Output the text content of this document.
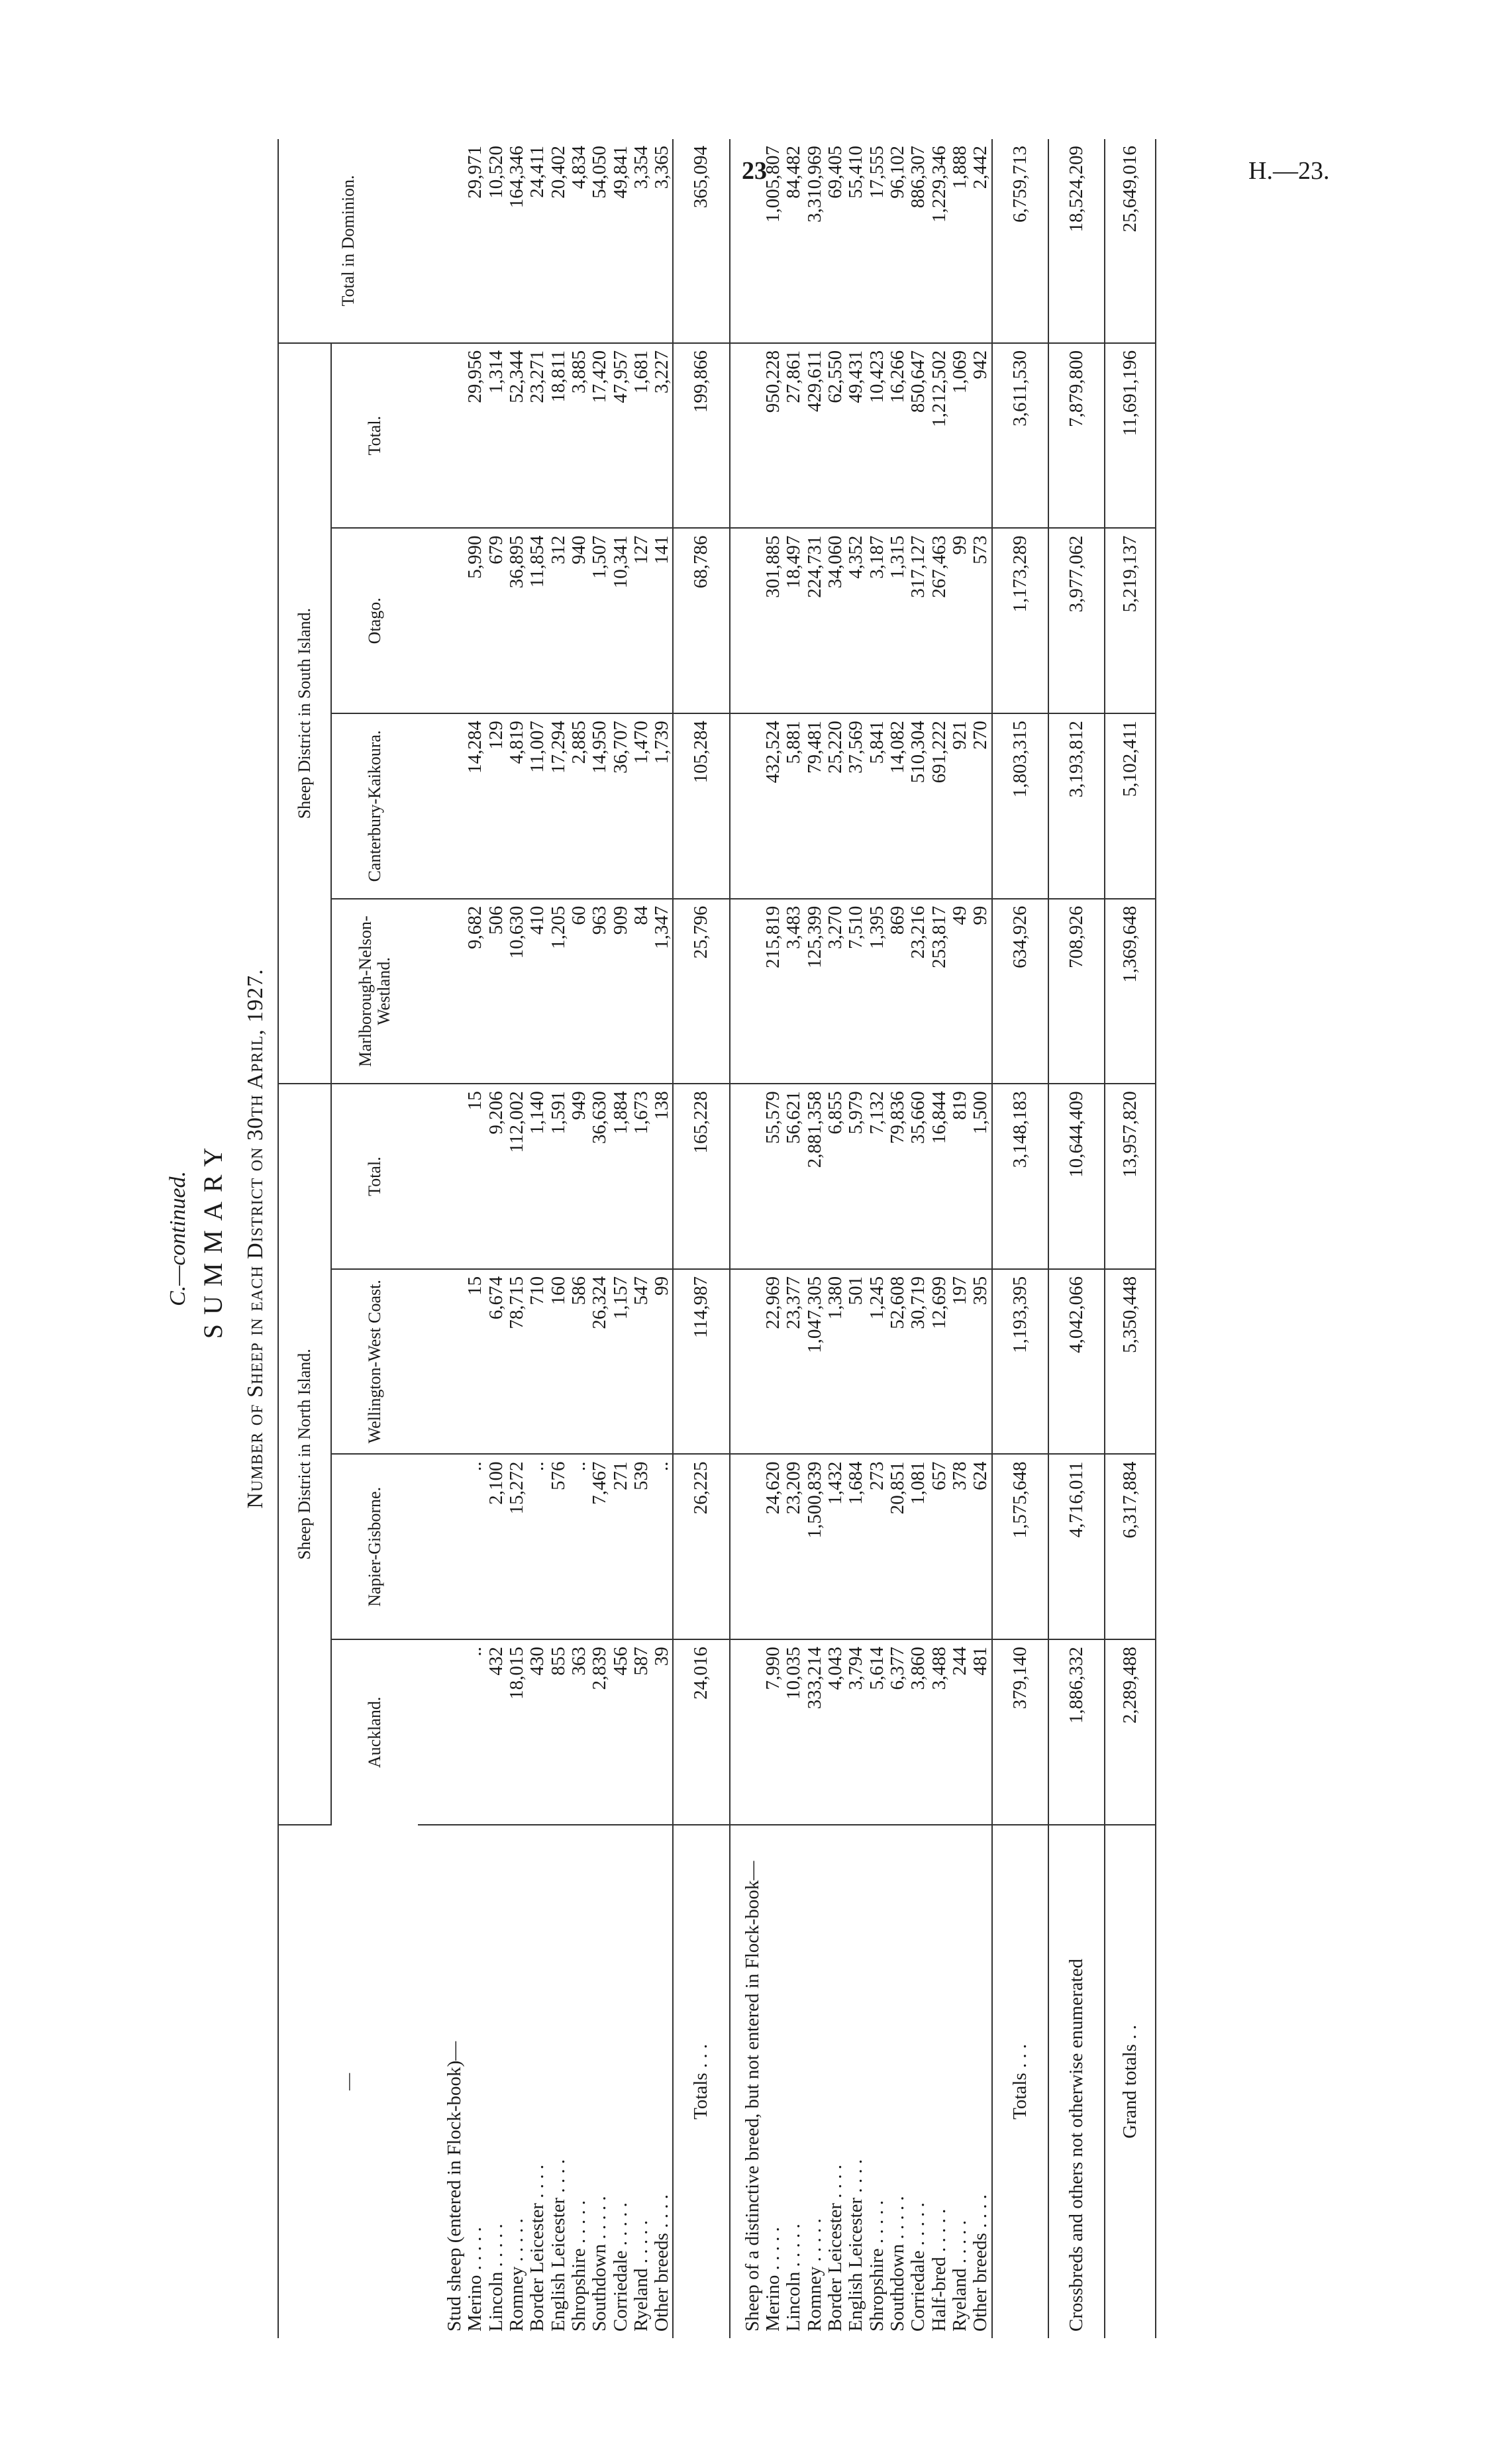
23	H.—23.
C.—continued. SUMMARY Number of Sheep in each District on 30th April, 1927.
—	Sheep District in North Island.				Sheep District in South Island.				Total in Dominion.
	Auckland.	Napier-Gisborne.	Wellington-West Coast.	Total.	Marlborough-Nelson-Westland.	Canterbury-Kaikoura.	Otago.	Total.	
Stud sheep (entered in Flock-book)—									
Merino . . . . .	..	..	15	15	9,682	14,284	5,990	29,956	29,971
Lincoln . . . . .	432	2,100	6,674	9,206	506	129	679	1,314	10,520
Romney . . . . .	18,015	15,272	78,715	112,002	10,630	4,819	36,895	52,344	164,346
Border Leicester . . . .	430	..	710	1,140	410	11,007	11,854	23,271	24,411
English Leicester . . . .	855	576	160	1,591	1,205	17,294	312	18,811	20,402
Shropshire . . . . .	363	..	586	949	60	2,885	940	3,885	4,834
Southdown . . . . .	2,839	7,467	26,324	36,630	963	14,950	1,507	17,420	54,050
Corriedale . . . . .	456	271	1,157	1,884	909	36,707	10,341	47,957	49,841
Ryeland . . . . .	587	539	547	1,673	84	1,470	127	1,681	3,354
Other breeds . . . .	39	..	99	138	1,347	1,739	141	3,227	3,365
Totals . . .	24,016	26,225	114,987	165,228	25,796	105,284	68,786	199,866	365,094
Sheep of a distinctive breed, but not entered in Flock-book—									
Merino . . . . .	7,990	24,620	22,969	55,579	215,819	432,524	301,885	950,228	1,005,807
Lincoln . . . . .	10,035	23,209	23,377	56,621	3,483	5,881	18,497	27,861	84,482
Romney . . . . .	333,214	1,500,839	1,047,305	2,881,358	125,399	79,481	224,731	429,611	3,310,969
Border Leicester . . . .	4,043	1,432	1,380	6,855	3,270	25,220	34,060	62,550	69,405
English Leicester . . . .	3,794	1,684	501	5,979	7,510	37,569	4,352	49,431	55,410
Shropshire . . . . .	5,614	273	1,245	7,132	1,395	5,841	3,187	10,423	17,555
Southdown . . . . .	6,377	20,851	52,608	79,836	869	14,082	1,315	16,266	96,102
Corriedale . . . . .	3,860	1,081	30,719	35,660	23,216	510,304	317,127	850,647	886,307
Half-bred . . . . .	3,488	657	12,699	16,844	253,817	691,222	267,463	1,212,502	1,229,346
Ryeland . . . . .	244	378	197	819	49	921	99	1,069	1,888
Other breeds . . . .	481	624	395	1,500	99	270	573	942	2,442
Totals . . .	379,140	1,575,648	1,193,395	3,148,183	634,926	1,803,315	1,173,289	3,611,530	6,759,713
Crossbreds and others not otherwise enumerated	1,886,332	4,716,011	4,042,066	10,644,409	708,926	3,193,812	3,977,062	7,879,800	18,524,209
Grand totals . .	2,289,488	6,317,884	5,350,448	13,957,820	1,369,648	5,102,411	5,219,137	11,691,196	25,649,016
